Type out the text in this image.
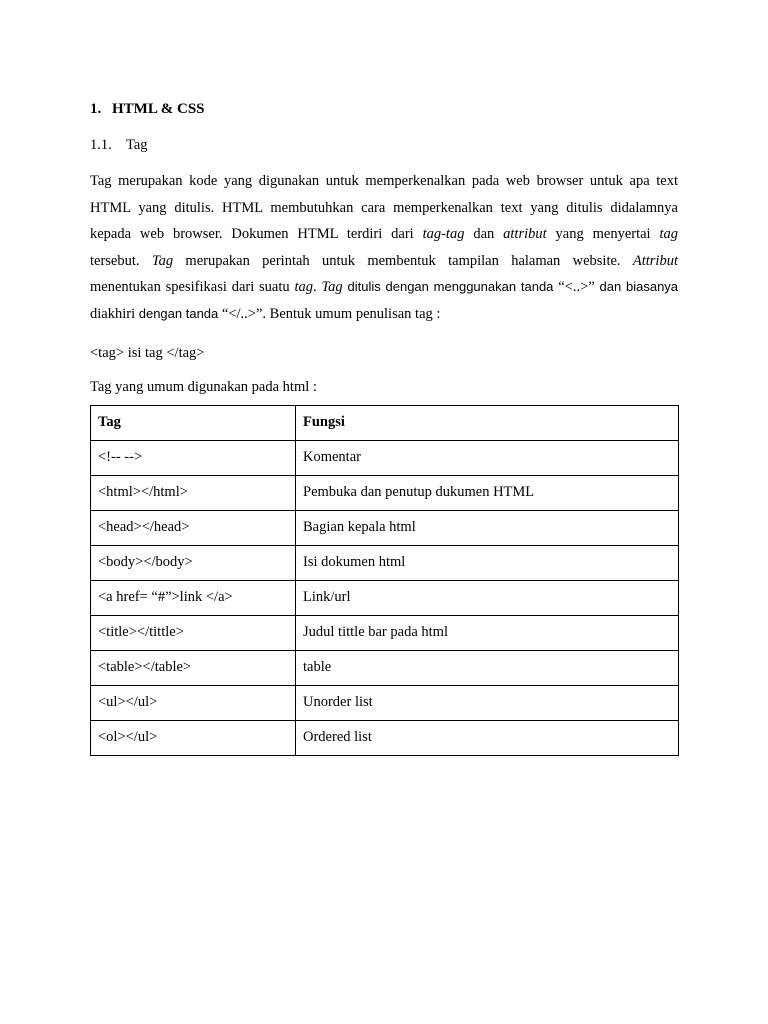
1. HTML & CSS
1.1. Tag
Tag merupakan kode yang digunakan untuk memperkenalkan pada web browser untuk apa text
HTML yang ditulis. HTML membutuhkan cara memperkenalkan text yang ditulis didalamnya
kepada web browser. Dokumen HTML terdiri dari tag-tag dan attribut yang menyertai tag
tersebut. Tag merupakan perintah untuk membentuk tampilan halaman website. Attribut
menentukan spesifikasi dari suatu tag. Tag ditulis dengan menggunakan tanda “<..>” dan biasanya
diakhiri dengan tanda “</..>”. Bentuk umum penulisan tag :
<tag> isi tag </tag>
Tag yang umum digunakan pada html :
Tag	Fungsi
<!-- -->	Komentar
<html></html>	Pembuka dan penutup dukumen HTML
<head></head>	Bagian kepala html
<body></body>	Isi dokumen html
<a href= “#”>link </a>	Link/url
<title></tittle>	Judul tittle bar pada html
<table></table>	table
<ul></ul>	Unorder list
<ol></ul>	Ordered list
